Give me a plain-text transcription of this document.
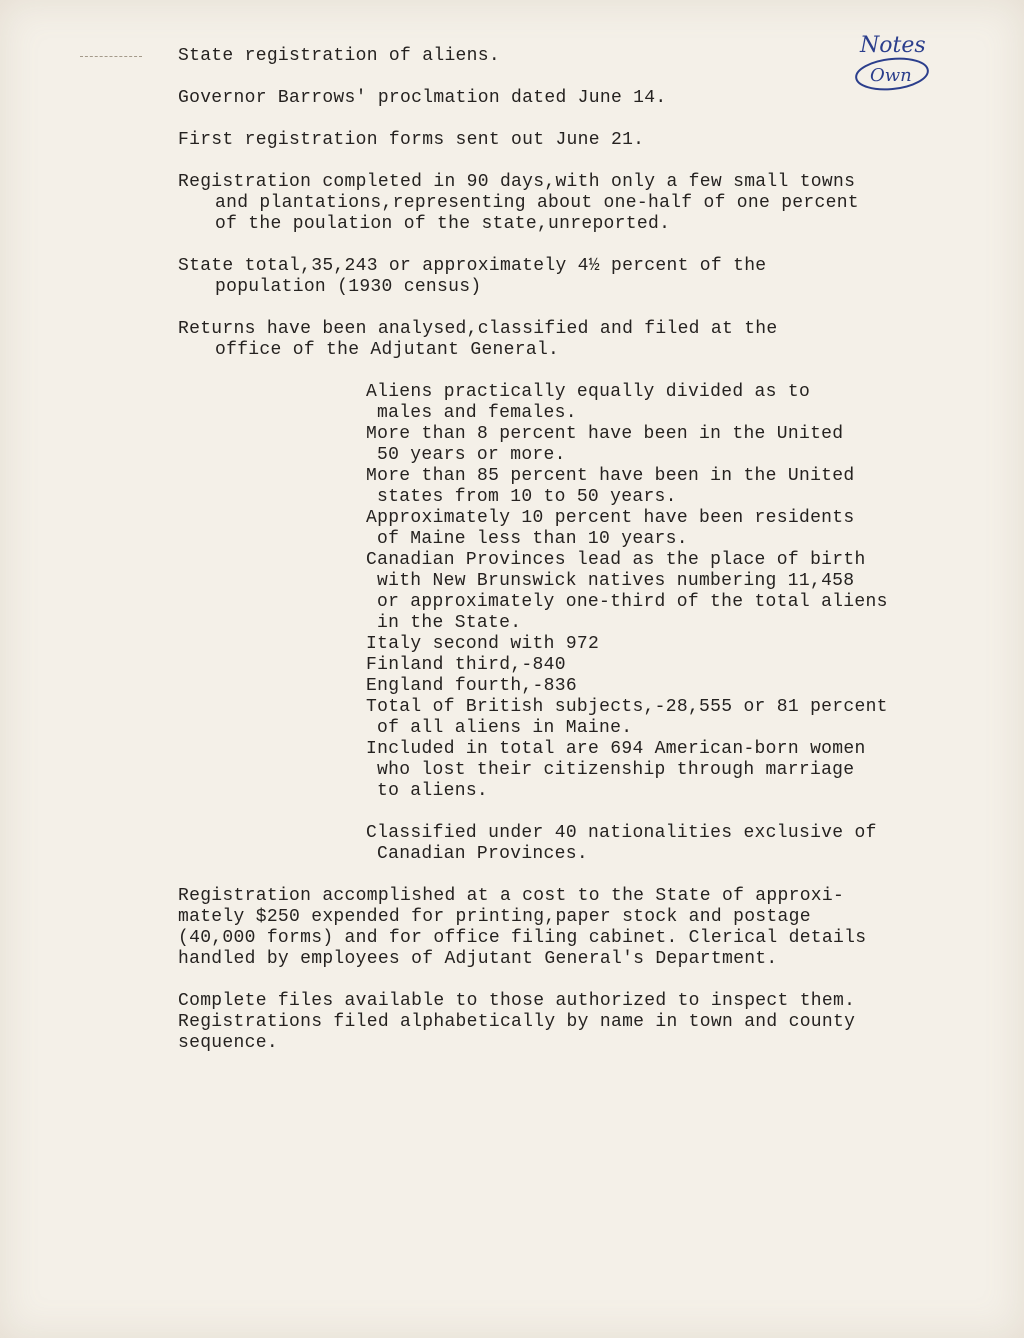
Notes
Own
State registration of aliens.
Governor Barrows' proclmation dated June 14.
First registration forms sent out June 21.
Registration completed in 90 days,with only a few small towns
and plantations,representing about one-half of one percent
of the poulation of the state,unreported.
State total,35,243 or approximately 4½ percent of the
population (1930 census)
Returns have been analysed,classified and filed at the
office of the Adjutant General.
Aliens practically equally divided as to
males and females.
More than 8 percent have been in the United
50 years or more.
More than 85 percent have been in the United
states from 10 to 50 years.
Approximately 10 percent have been residents
of Maine less than 10 years.
Canadian Provinces lead as the place of birth
with New Brunswick natives numbering 11,458
or approximately one-third of the total aliens
in the State.
Italy second with 972
Finland third,-840
England fourth,-836
Total of British subjects,-28,555 or 81 percent
of all aliens in Maine.
Included in total are 694 American-born women
who lost their citizenship through marriage
to aliens.
Classified under 40 nationalities exclusive of
Canadian Provinces.
Registration accomplished at a cost to the State of approxi-
mately $250 expended for printing,paper stock and postage
(40,000 forms) and for office filing cabinet. Clerical details
handled by employees of Adjutant General's Department.
Complete files available to those authorized to inspect them.
Registrations filed alphabetically by name in town and county
sequence.
